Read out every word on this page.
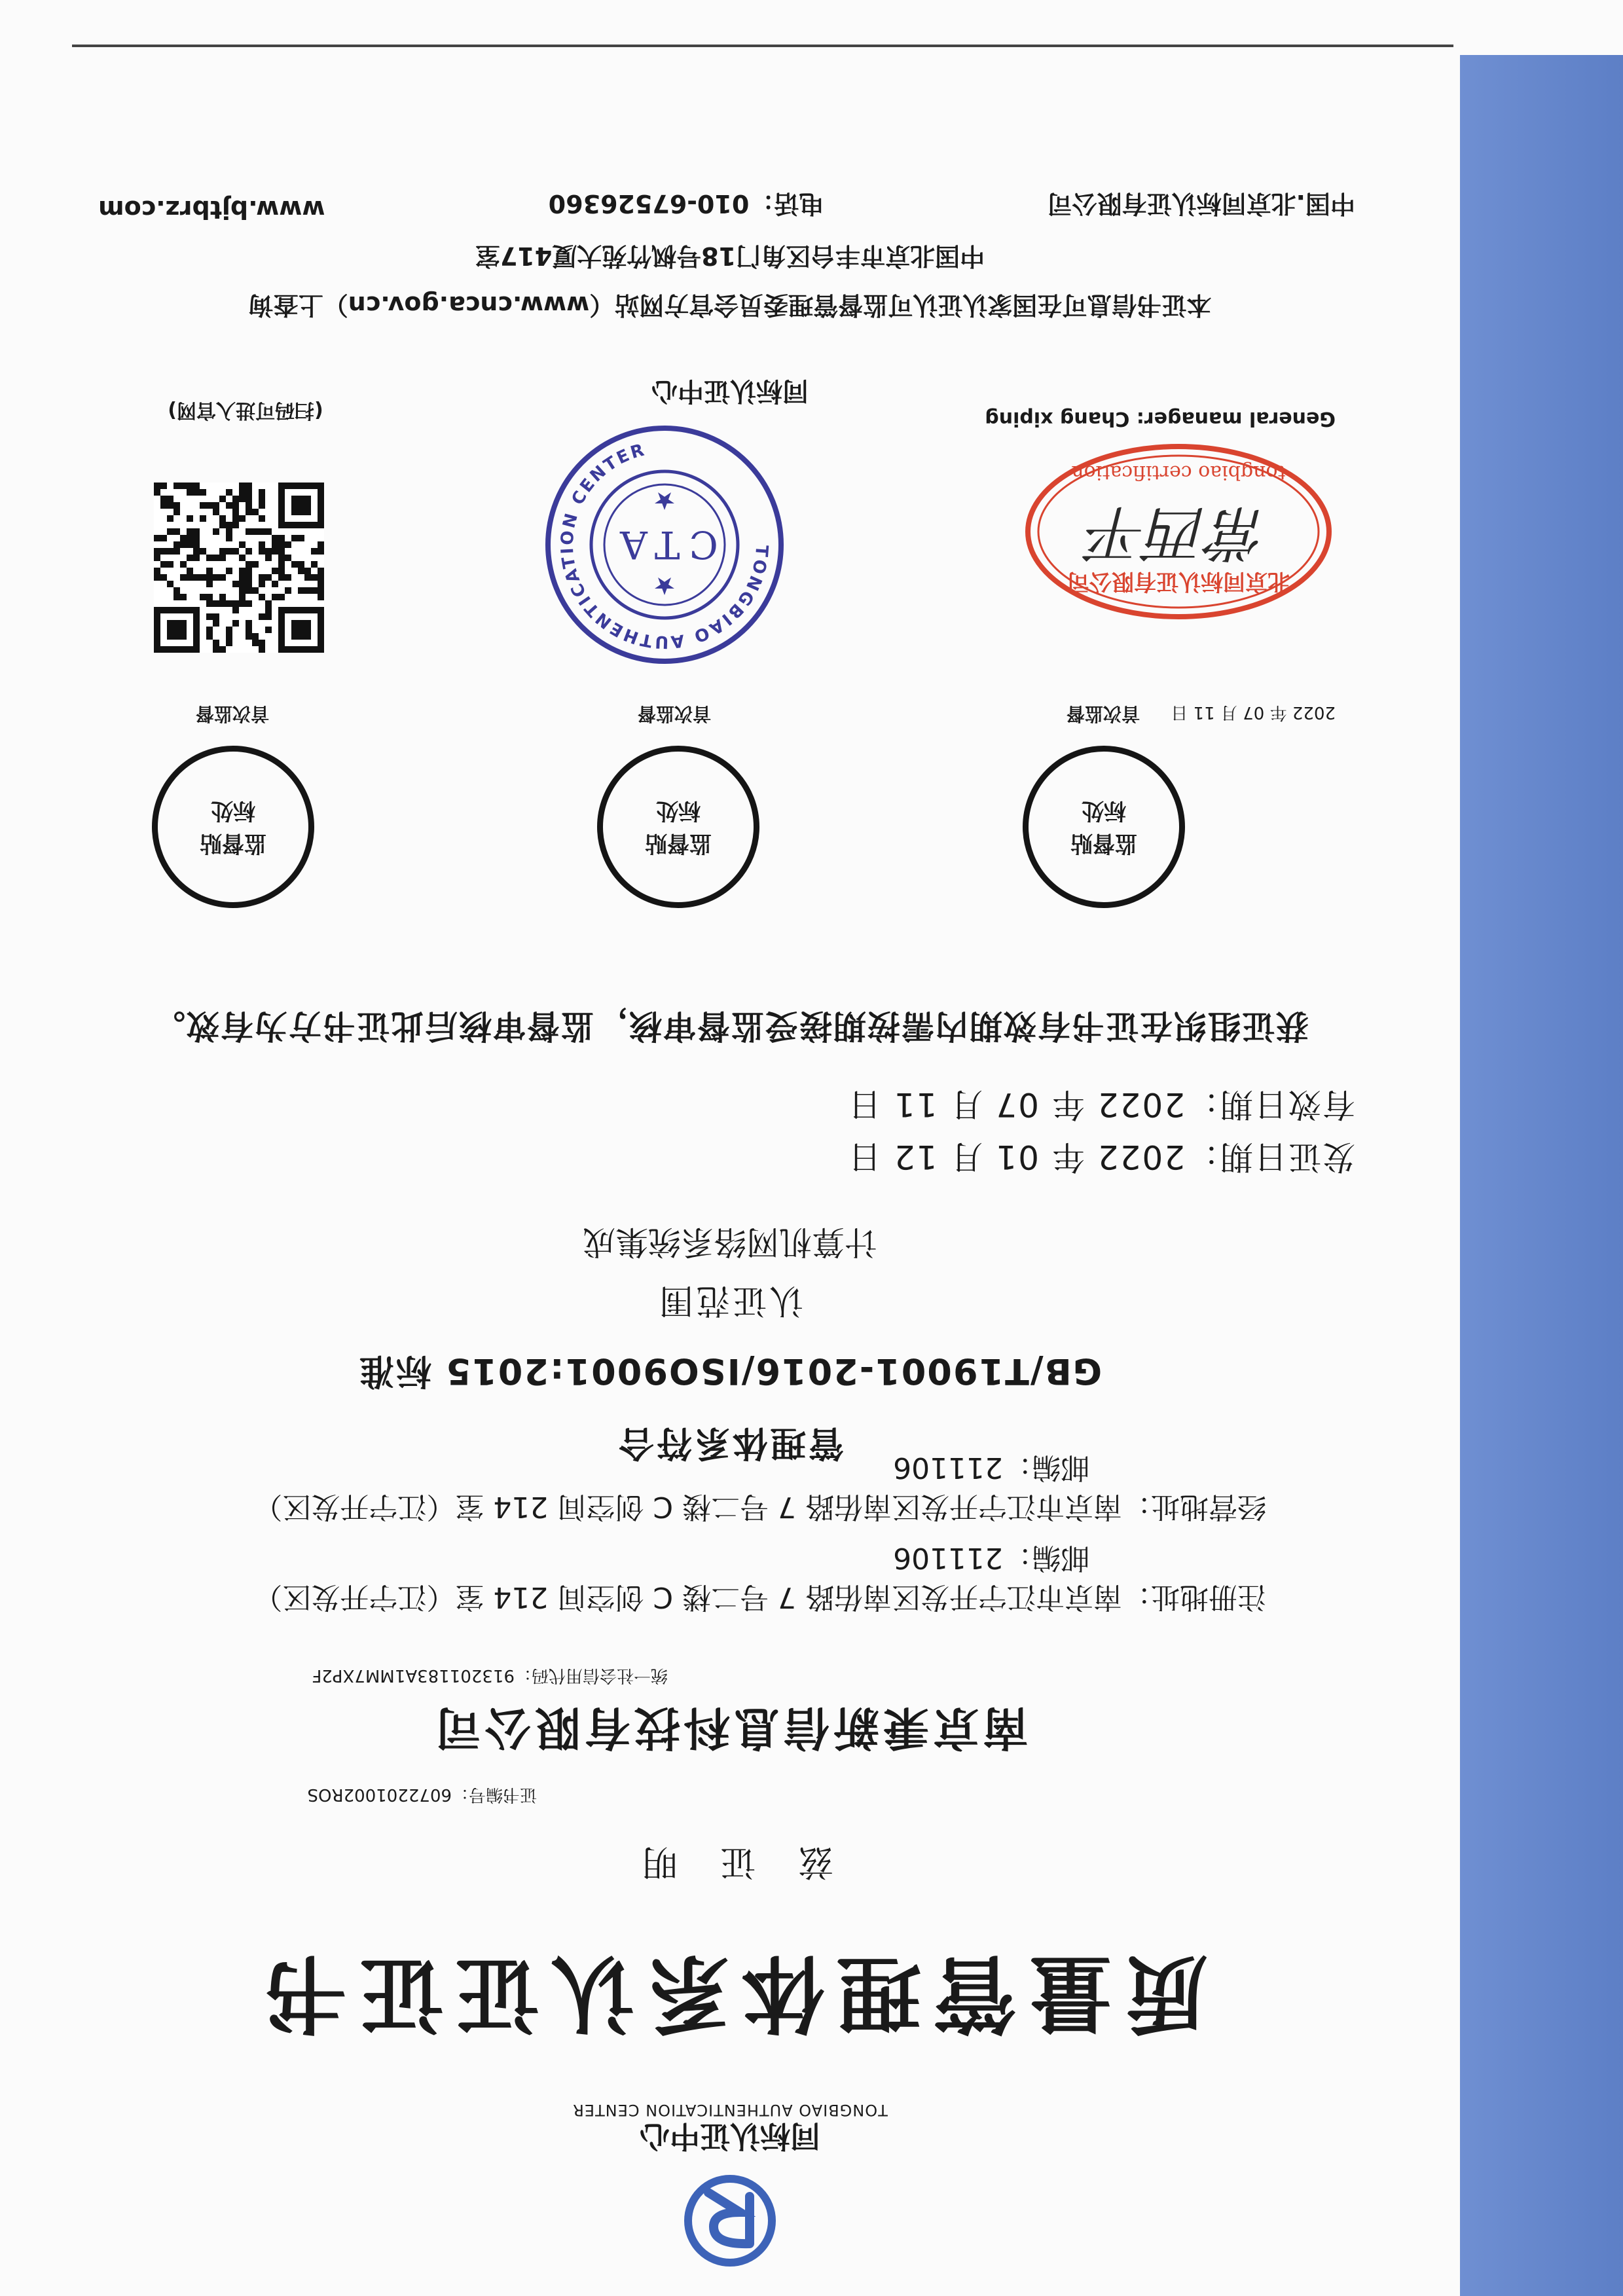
同标认证中心
TONGBIAO AUTHENTICATION CENTER
质量管理体系认证证书
兹 证 明
证书编号：6072201002ROS
南京秉新信息科技有限公司
统一社会信用代码：913201183A1MM7XP2F

注册地址：南京市江宁开发区南佑路 7 号二楼 C 创空间 214 室（江宁开发区）

邮编：211106

经营地址：南京市江宁开发区南佑路 7 号二楼 C 创空间 214 室（江宁开发区）

邮编：211106

管理体系符合
GB/T19001-2016/ISO9001:2015 标准
认证范围
计算机网络系统集成
发证日期：2022 年 01 月 12 日
有效日期：2022 年 07 月 11 日
获证组织在证书有效期内需按期接受监督审核，监督审核后此证书方为有效。
监督贴
标处
监督贴
标处
监督贴
标处
首次监督	首次监督	首次监督	2022 年 07 月 11 日
北京同标认证有限公司
tongbiao certification
常西平
General manager: Chang xiping
TONGBIAO AUTHENTICATION CENTER
CTA
同标认证中心
(扫码可进入官网)
本证书信息可在国家认证认可监督管理委员会官方网站（www.cnca.gov.cn）上查询
中国北京市丰台区角门18号枫竹苑大厦417室
中国.北京同标认证有限公司
电话：010-67526360
www.bjtbrz.com
